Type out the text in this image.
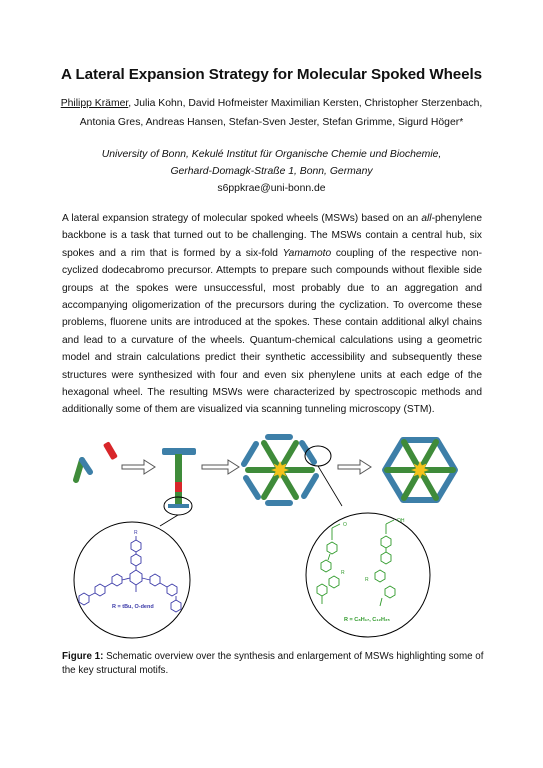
A Lateral Expansion Strategy for Molecular Spoked Wheels
Philipp Krämer, Julia Kohn, David Hofmeister Maximilian Kersten, Christopher Sterzenbach,
Antonia Gres, Andreas Hansen, Stefan-Sven Jester, Stefan Grimme, Sigurd Höger*
University of Bonn, Kekulé Institut für Organische Chemie und Biochemie,
Gerhard-Domagk-Straße 1, Bonn, Germany
s6ppkrae@uni-bonn.de
A lateral expansion strategy of molecular spoked wheels (MSWs) based on an all-phenylene backbone is a task that turned out to be challenging. The MSWs contain a central hub, six spokes and a rim that is formed by a six-fold Yamamoto coupling of the respective non-cyclized dodecabromo precursor. Attempts to prepare such compounds without flexible side groups at the spokes were unsuccessful, most probably due to an aggregation and accompanying oligomerization of the precursors during the cyclization. To overcome these problems, fluorene units are introduced at the spokes. These contain additional alkyl chains and lead to a curvature of the wheels. Quantum-chemical calculations using a geometric model and strain calculations predict their synthetic accessibility and subsequently these structures were synthesized with four and even six phenylene units at each edge of the hexagonal wheel. The resulting MSWs were characterized by spectroscopic methods and additionally some of them are visualized via scanning tunneling microscopy (STM).
R
R = tBu, O-dend
O
OH
R
R
R = C₈H₁₇, C₁₂H₂₅
Figure 1: Schematic overview over the synthesis and enlargement of MSWs highlighting some of the key structural motifs.
